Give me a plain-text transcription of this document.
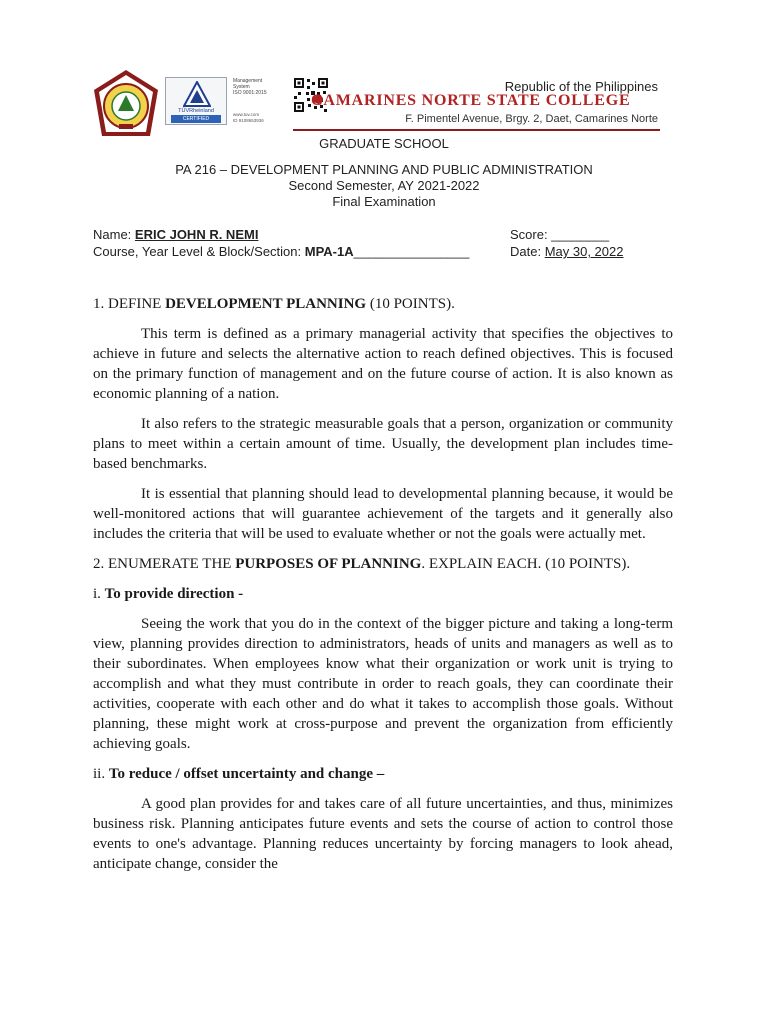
TÜVRheinland
CERTIFIED
Management
System
ISO 9001:2015
www.tuv.com
ID 9108653936
Republic of the Philippines
CAMARINES NORTE STATE COLLEGE
F. Pimentel Avenue, Brgy. 2, Daet, Camarines Norte
GRADUATE SCHOOL
PA 216 – DEVELOPMENT PLANNING AND PUBLIC ADMINISTRATION
Second Semester, AY 2021-2022
Final Examination
Name: ERIC JOHN R. NEMI	Score: ________
Course, Year Level & Block/Section: MPA-1A________________	Date: May 30, 2022

1. DEFINE DEVELOPMENT PLANNING (10 POINTS).

This term is defined as a primary managerial activity that specifies the objectives to achieve in future and selects the alternative action to reach defined objectives. This is focused on the primary function of management and on the future course of action. It is also known as economic planning of a nation.

It also refers to the strategic measurable goals that a person, organization or community plans to meet within a certain amount of time. Usually, the development plan includes time-based benchmarks.

It is essential that planning should lead to developmental planning because, it would be well-monitored actions that will guarantee achievement of the targets and it generally also includes the criteria that will be used to evaluate whether or not the goals were actually met.

2. ENUMERATE THE PURPOSES OF PLANNING. EXPLAIN EACH. (10 POINTS).

i. To provide direction -

Seeing the work that you do in the context of the bigger picture and taking a long-term view, planning provides direction to administrators, heads of units and managers as well as to their subordinates. When employees know what their organization or work unit is trying to accomplish and what they must contribute in order to reach goals, they can coordinate their activities, cooperate with each other and do what it takes to accomplish those goals. Without planning, these might work at cross-purpose and prevent the organization from efficiently achieving goals.

ii. To reduce / offset uncertainty and change –

A good plan provides for and takes care of all future uncertainties, and thus, minimizes business risk. Planning anticipates future events and sets the course of action to control those events to one's advantage. Planning reduces uncertainty by forcing managers to look ahead, anticipate change, consider the
